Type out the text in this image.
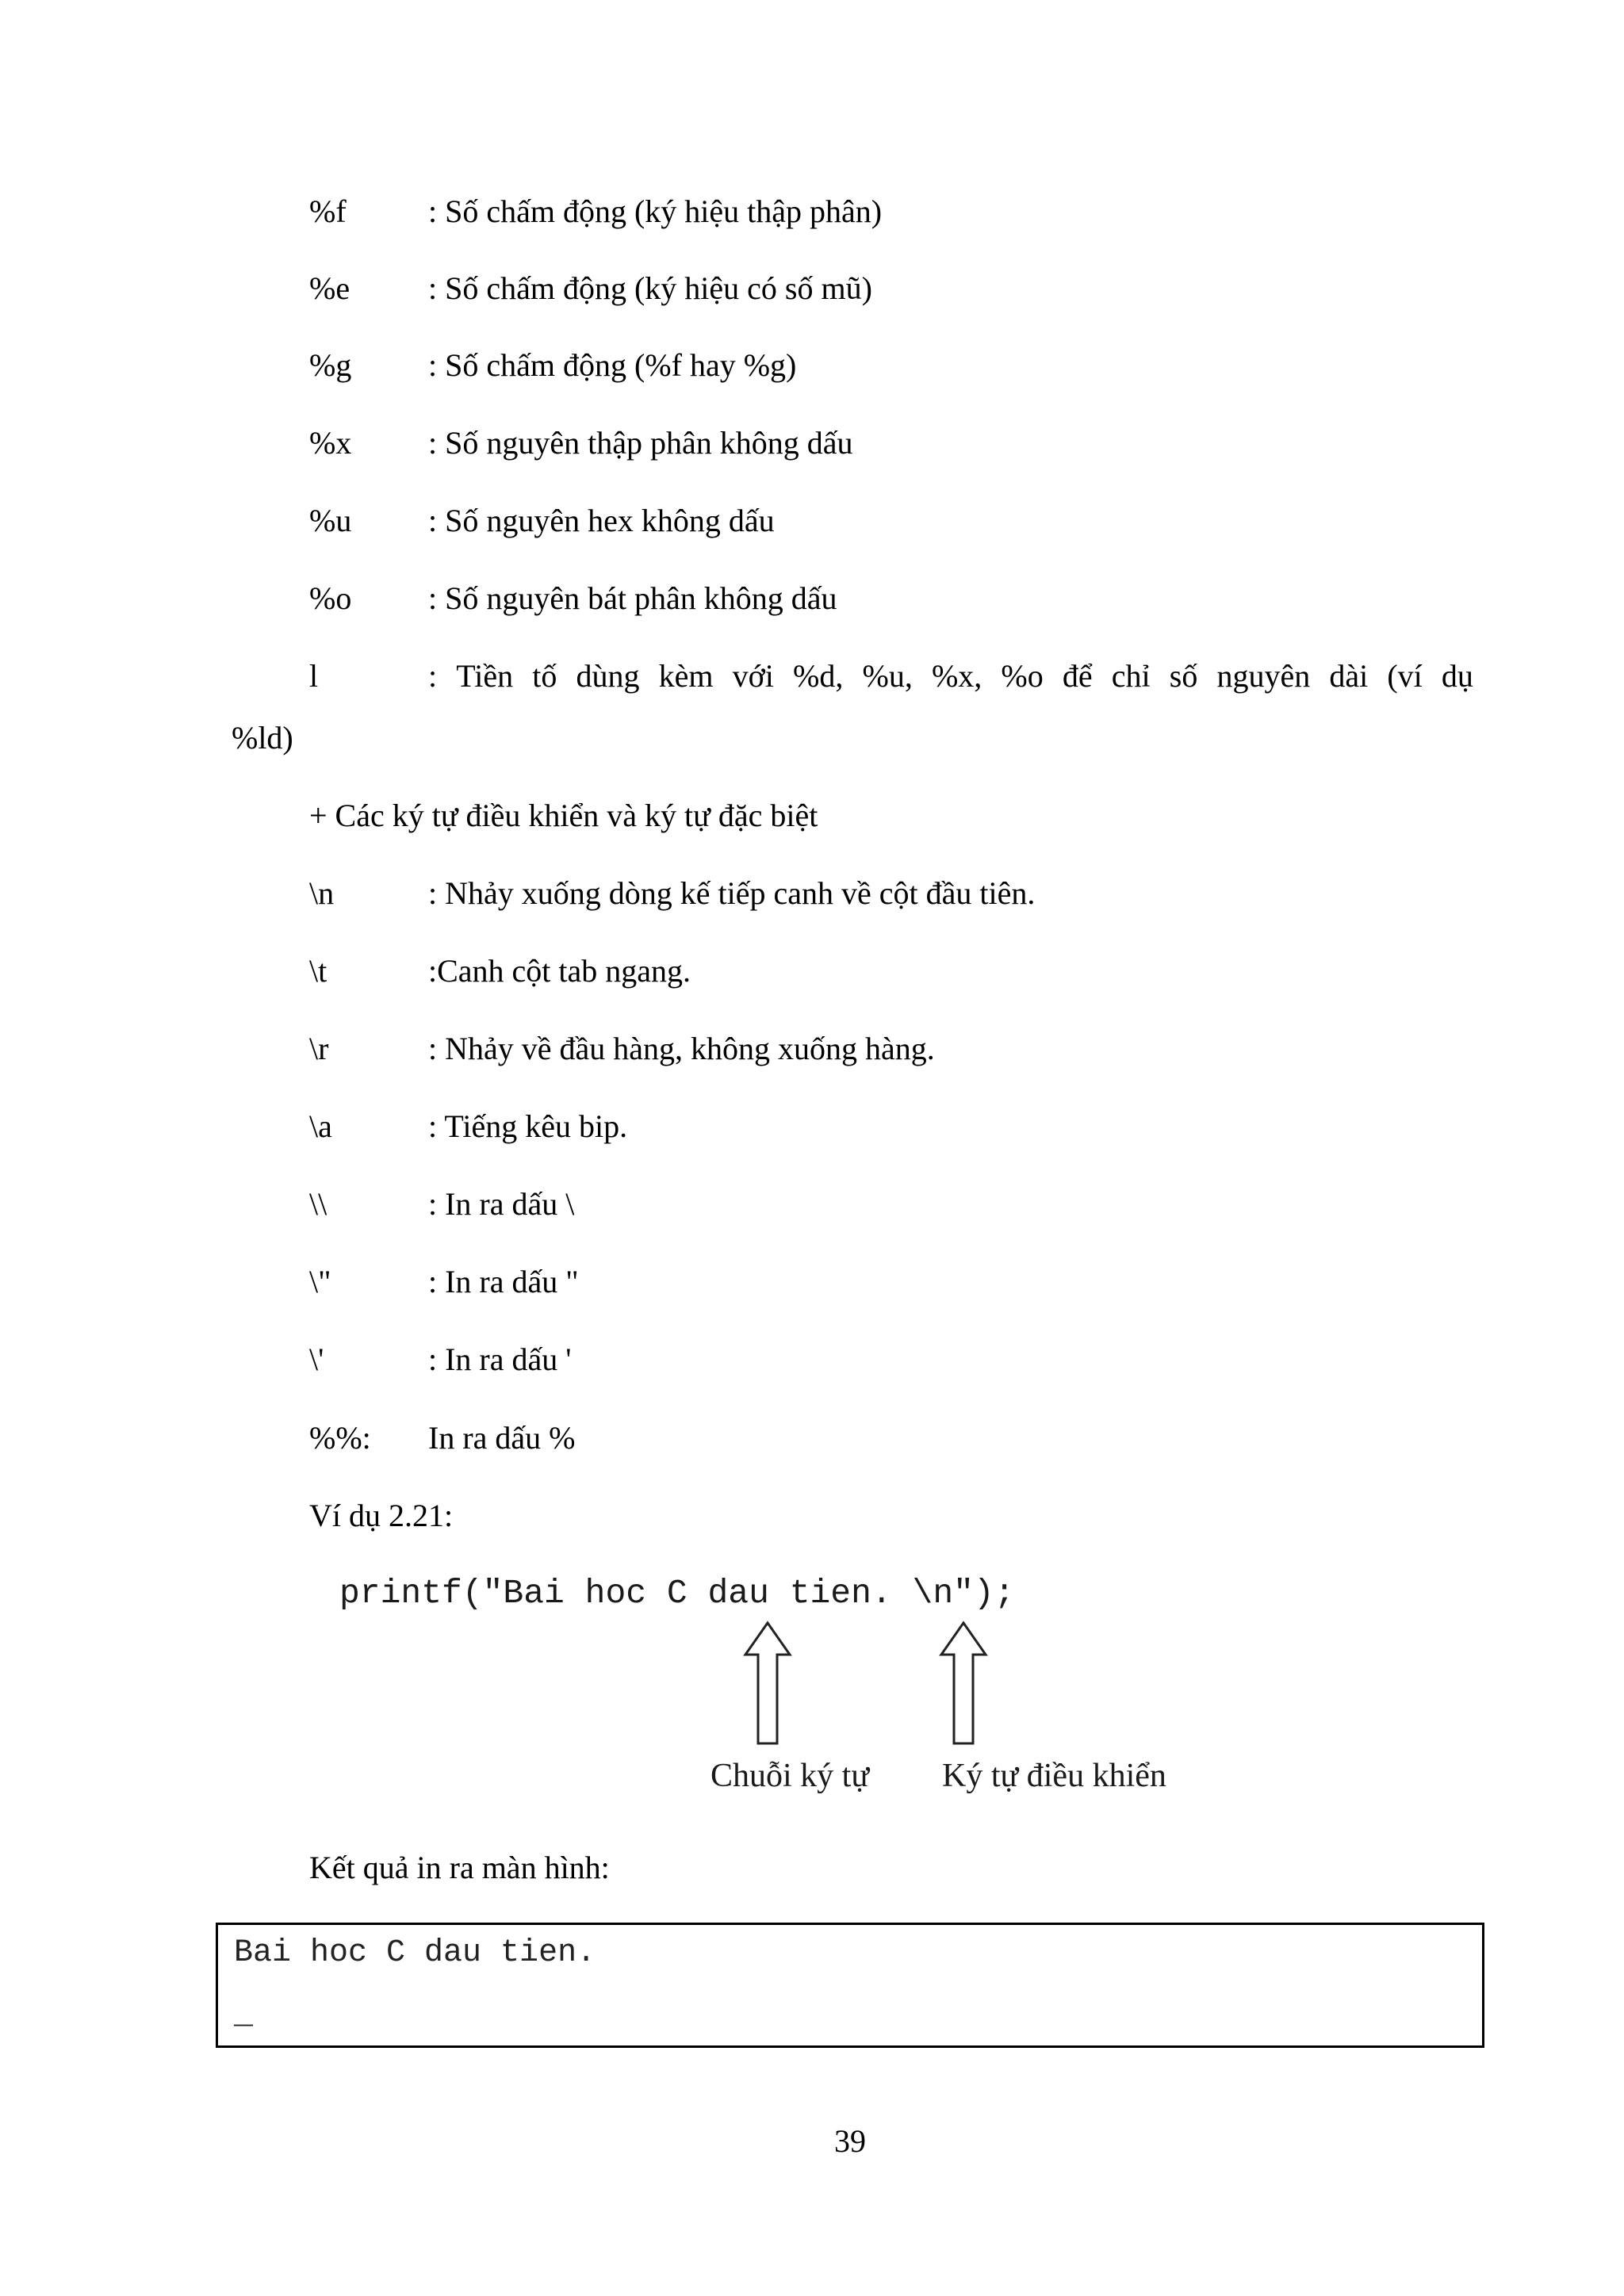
%f	: Số chấm động (ký hiệu thập phân)
%e : Số chấm động (ký hiệu có số mũ)
%g : Số chấm động (%f hay %g)
%x : Số nguyên thập phân không dấu
%u : Số nguyên hex không dấu
%o : Số nguyên bát phân không dấu
l	: Tiền tố dùng kèm với %d, %u, %x, %o để chỉ số nguyên dài (ví dụ
%ld)
+ Các ký tự điều khiển và ký tự đặc biệt
\n	: Nhảy xuống dòng kế tiếp canh về cột đầu tiên.
\t	:Canh cột tab ngang.
\r	: Nhảy về đầu hàng, không xuống hàng.
\a	: Tiếng kêu bip.
\\	: In ra dấu \
\"	: In ra dấu "
\'	: In ra dấu '
%%: In ra dấu %
Ví dụ 2.21:
printf("Bai hoc C dau tien. \n");
Chuỗi ký tự Ký tự điều khiển
Kết quả in ra màn hình:
Bai hoc C dau tien.
_
39
